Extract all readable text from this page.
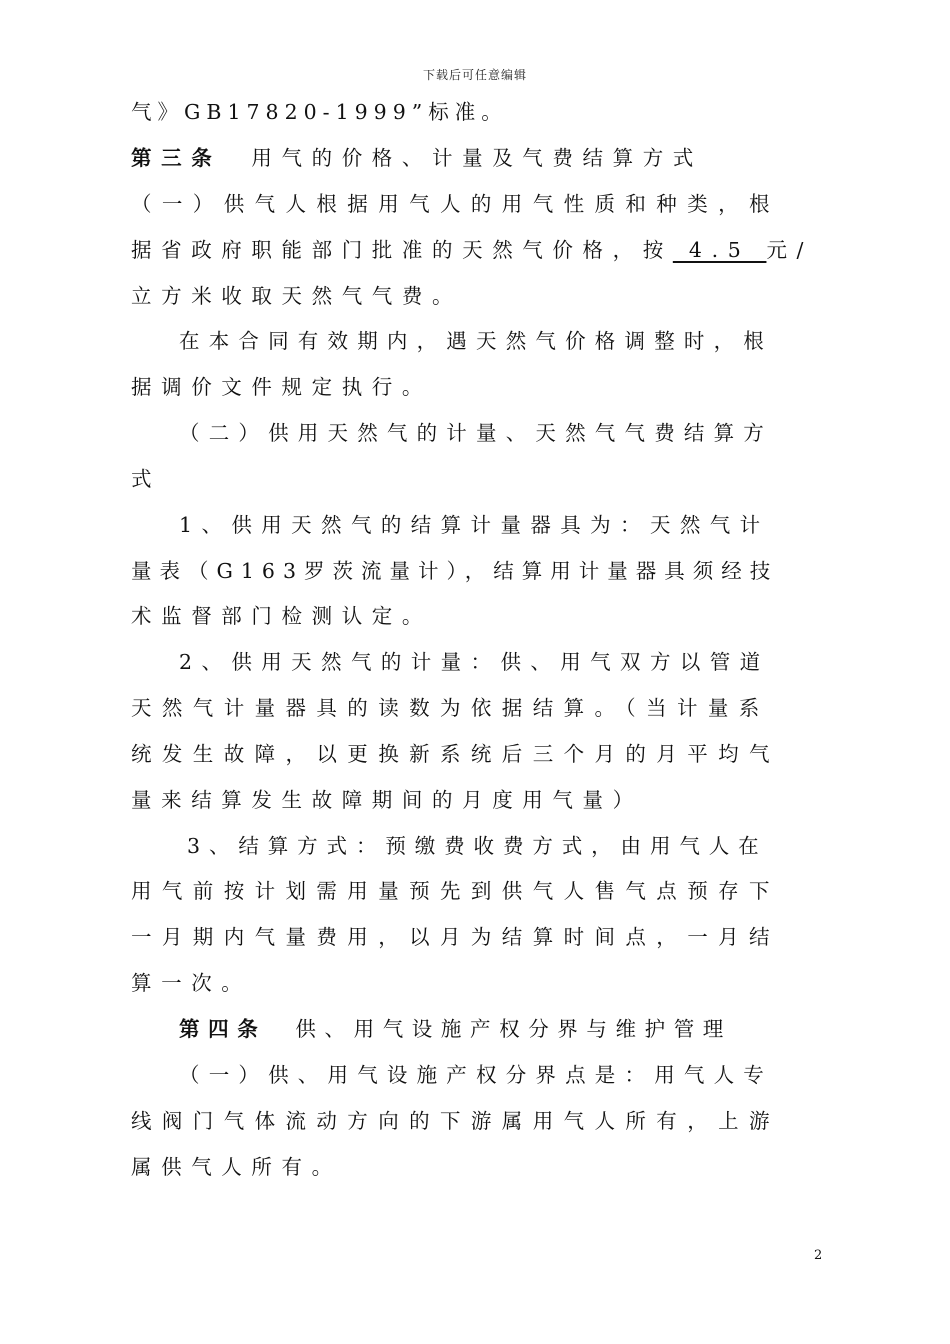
下载后可任意编辑
气》GB17820-1999”标准。
第三条　用气的价格、计量及气费结算方式
（一）供气人根据用气人的用气性质和种类，根
据省政府职能部门批准的天然气价格，按 4.5 元/
立方米收取天然气气费。
在本合同有效期内，遇天然气价格调整时，根
据调价文件规定执行。
（二）供用天然气的计量、天然气气费结算方
式
1、供用天然气的结算计量器具为：天然气计
量表（G163罗茨流量计），结算用计量器具须经技
术监督部门检测认定。
2、供用天然气的计量：供、用气双方以管道
天然气计量器具的读数为依据结算。（当计量系
统发生故障，以更换新系统后三个月的月平均气
量来结算发生故障期间的月度用气量）
3、结算方式：预缴费收费方式，由用气人在
用气前按计划需用量预先到供气人售气点预存下
一月期内气量费用，以月为结算时间点，一月结
算一次。
第四条　供、用气设施产权分界与维护管理
（一）供、用气设施产权分界点是：用气人专
线阀门气体流动方向的下游属用气人所有，上游
属供气人所有。
2
